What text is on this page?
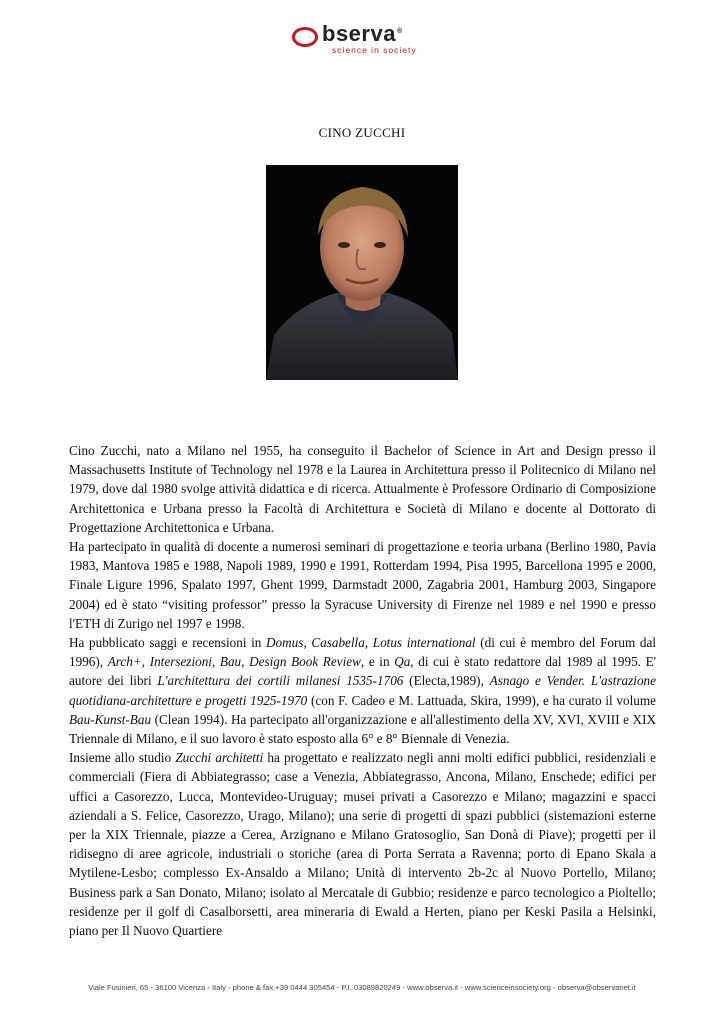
bserva®
science in society
CINO ZUCCHI

Cino Zucchi, nato a Milano nel 1955, ha conseguito il Bachelor of Science in Art and Design presso il Massachusetts Institute of Technology nel 1978 e la Laurea in Architettura presso il Politecnico di Milano nel 1979, dove dal 1980 svolge attività didattica e di ricerca. Attualmente è Professore Ordinario di Composizione Architettonica e Urbana presso la Facoltà di Architettura e Società di Milano e docente al Dottorato di Progettazione Architettonica e Urbana.

Ha partecipato in qualità di docente a numerosi seminari di progettazione e teoria urbana (Berlino 1980, Pavia 1983, Mantova 1985 e 1988, Napoli 1989, 1990 e 1991, Rotterdam 1994, Pisa 1995, Barcellona 1995 e 2000, Finale Ligure 1996, Spalato 1997, Ghent 1999, Darmstadt 2000, Zagabria 2001, Hamburg 2003, Singapore 2004) ed è stato “visiting professor” presso la Syracuse University di Firenze nel 1989 e nel 1990 e presso l'ETH di Zurigo nel 1997 e 1998.

Ha pubblicato saggi e recensioni in Domus, Casabella, Lotus international (di cui è membro del Forum dal 1996), Arch+, Intersezioni, Bau, Design Book Review, e in Qa, di cui è stato redattore dal 1989 al 1995. E' autore dei libri L'architettura dei cortili milanesi 1535-1706 (Electa,1989), Asnago e Vender. L'astrazione quotidiana-architetture e progetti 1925-1970 (con F. Cadeo e M. Lattuada, Skira, 1999), e ha curato il volume Bau-Kunst-Bau (Clean 1994). Ha partecipato all'organizzazione e all'allestimento della XV, XVI, XVIII e XIX Triennale di Milano, e il suo lavoro è stato esposto alla 6° e 8° Biennale di Venezia.

Insieme allo studio Zucchi architetti ha progettato e realizzato negli anni molti edifici pubblici, residenziali e commerciali (Fiera di Abbiategrasso; case a Venezia, Abbiategrasso, Ancona, Milano, Enschede; edifici per uffici a Casorezzo, Lucca, Montevideo-Uruguay; musei privati a Casorezzo e Milano; magazzini e spacci aziendali a S. Felice, Casorezzo, Urago, Milano); una serie di progetti di spazi pubblici (sistemazioni esterne per la XIX Triennale, piazze a Cerea, Arzignano e Milano Gratosoglio, San Donà di Piave); progetti per il ridisegno di aree agricole, industriali o storiche (area di Porta Serrata a Ravenna; porto di Epano Skala a Mytilene-Lesbo; complesso Ex-Ansaldo a Milano; Unità di intervento 2b-2c al Nuovo Portello, Milano; Business park a San Donato, Milano; isolato al Mercatale di Gubbio; residenze e parco tecnologico a Pioltello; residenze per il golf di Casalborsetti, area mineraria di Ewald a Herten, piano per Keski Pasila a Helsinki, piano per Il Nuovo Quartiere

Viale Fusinieri, 65 - 36100 Vicenza - Italy - phone & fax +39 0444 305454 - P.I. 03089820249 - www.observa.it - www.scienceinsociety.org - observa@observanet.it
